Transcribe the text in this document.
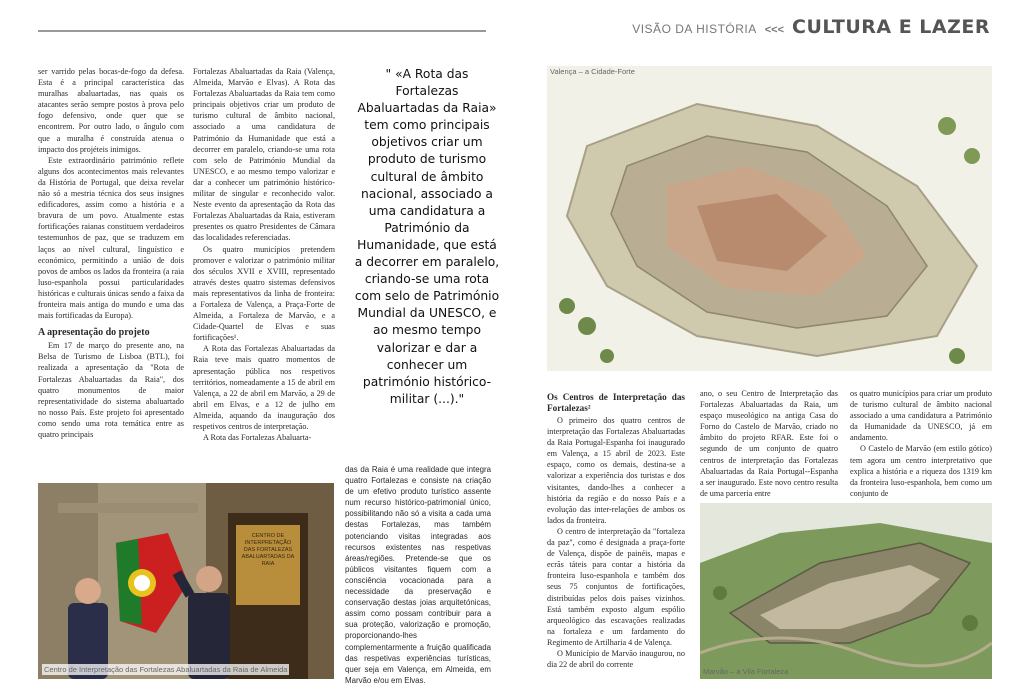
VISÃO DA HISTÓRIA <<< CULTURA E LAZER

ser varrido pelas bocas-de-fogo da defesa. Esta é a principal característica das muralhas abaluartadas, nas quais os atacantes serão sempre postos à prova pelo fogo defensivo, onde quer que se encontrem. Por outro lado, o ângulo com que a muralha é construída atenua o impacto dos projéteis inimigos.

Este extraordinário património reflete alguns dos acontecimentos mais relevantes da História de Portugal, que deixa revelar não só a mestria técnica dos seus insignes edificadores, assim como a história e a bravura de um povo. Atualmente estas fortificações raianas constituem verdadeiros testemunhos de paz, que se traduzem em laços ao nível cultural, linguístico e económico, permitindo a união de dois povos de ambos os lados da fronteira (a raia luso-espanhola possui particularidades históricas e culturais únicas sendo a faixa da fronteira mais antiga do mundo e uma das mais fortificadas da Europa).

A apresentação do projeto

Em 17 de março do presente ano, na Belsa de Turismo de Lisboa (BTL), foi realizada a apresentação da "Rota de Fortalezas Abaluartadas da Raia", dos quatro monumentos de maior representatividade do sistema abaluartado no nosso País. Este projeto foi apresentado como sendo uma rota temática entre as quatro principais

Fortalezas Abaluartadas da Raia (Valença, Almeida, Marvão e Elvas). A Rota das Fortalezas Abaluartadas da Raia tem como principais objetivos criar um produto de turismo cultural de âmbito nacional, associado a uma candidatura de Património da Humanidade que está a decorrer em paralelo, criando-se uma rota com selo de Património Mundial da UNESCO, e ao mesmo tempo valorizar e dar a conhecer um património histórico-militar de singular e reconhecido valor. Neste evento da apresentação da Rota das Fortalezas Abaluartadas da Raia, estiveram presentes os quatro Presidentes de Câmara das localidades referenciadas.

Os quatro municípios pretendem promover e valorizar o património militar dos séculos XVII e XVIII, representado através destes quatro sistemas defensivos mais representativos da linha de fronteira: a Fortaleza de Valença, a Praça-Forte de Almeida, a Fortaleza de Marvão, e a Cidade-Quartel de Elvas e suas fortificações¹.

A Rota das Fortalezas Abaluartadas da Raia teve mais quatro momentos de apresentação pública nos respetivos territórios, nomeadamente a 15 de abril em Valença, a 22 de abril em Marvão, a 29 de abril em Elvas, e a 12 de julho em Almeida, aquando da inauguração dos respetivos centros de interpretação.

A Rota das Fortalezas Abaluarta-

" «A Rota das Fortalezas Abaluartadas da Raia» tem como principais objetivos criar um produto de turismo cultural de âmbito nacional, associado a uma candidatura a Património da Humanidade, que está a decorrer em paralelo, criando-se uma rota com selo de Património Mundial da UNESCO, e ao mesmo tempo valorizar e dar a conhecer um património histórico-militar (...)."

das da Raia é uma realidade que integra quatro Fortalezas e consiste na criação de um efetivo produto turístico assente num recurso histórico-patrimonial único, possibilitando não só a visita a cada uma destas Fortalezas, mas também potenciando visitas integradas aos recursos existentes nas respetivas áreas/regiões. Pretende-se que os públicos visitantes fiquem com a consciência vocacionada para a necessidade da preservação e conservação destas joias arquitetónicas, assim como possam contribuir para a sua proteção, valorização e promoção, proporcionando-lhes complementarmente a fruição qualificada das respetivas experiências turísticas, quer seja em Valença, em Almeida, em Marvão e/ou em Elvas.

CENTRO DE INTERPRETAÇÃO DAS FORTALEZAS ABALUARTADAS DA RAIA
Centro de Interpretação das Fortalezas Abaluartadas da Raia de Almeida
Valença – a Cidade-Forte
Os Centros de Interpretação das Fortalezas²

O primeiro dos quatro centros de interpretação das Fortalezas Abaluartadas da Raia Portugal-Espanha foi inaugurado em Valença, a 15 abril de 2023. Este espaço, como os demais, destina-se a valorizar a experiência dos turistas e dos visitantes, dando-lhes a conhecer a história da região e do nosso País e a evolução das inter-relações de ambos os lados da fronteira.

O centro de interpretação da "fortaleza da paz", como é designada a praça-forte de Valença, dispõe de painéis, mapas e ecrãs táteis para contar a história da fronteira luso-espanhola e também dos seus 75 conjuntos de fortificações, distribuídas pelos dois países vizinhos. Está também exposto algum espólio arqueológico das escavações realizadas na fortaleza e um fardamento do Regimento de Artilharia 4 de Valença.

O Município de Marvão inaugurou, no dia 22 de abril do corrente

ano, o seu Centro de Interpretação das Fortalezas Abaluartadas da Raia, um espaço museológico na antiga Casa do Forno do Castelo de Marvão, criado no âmbito do projeto RFAR. Este foi o segundo de um conjunto de quatro centros de interpretação das Fortalezas Abaluartadas da Raia Portugal--Espanha a ser inaugurado. Este novo centro resulta de uma parceria entre

os quatro municípios para criar um produto de turismo cultural de âmbito nacional associado a uma candidatura a Património da Humanidade da UNESCO, já em andamento.

O Castelo de Marvão (em estilo gótico) tem agora um centro interpretativo que explica a história e a riqueza dos 1319 km da fronteira luso-espanhola, bem como um conjunto de

Marvão – a Vila Fortaleza
